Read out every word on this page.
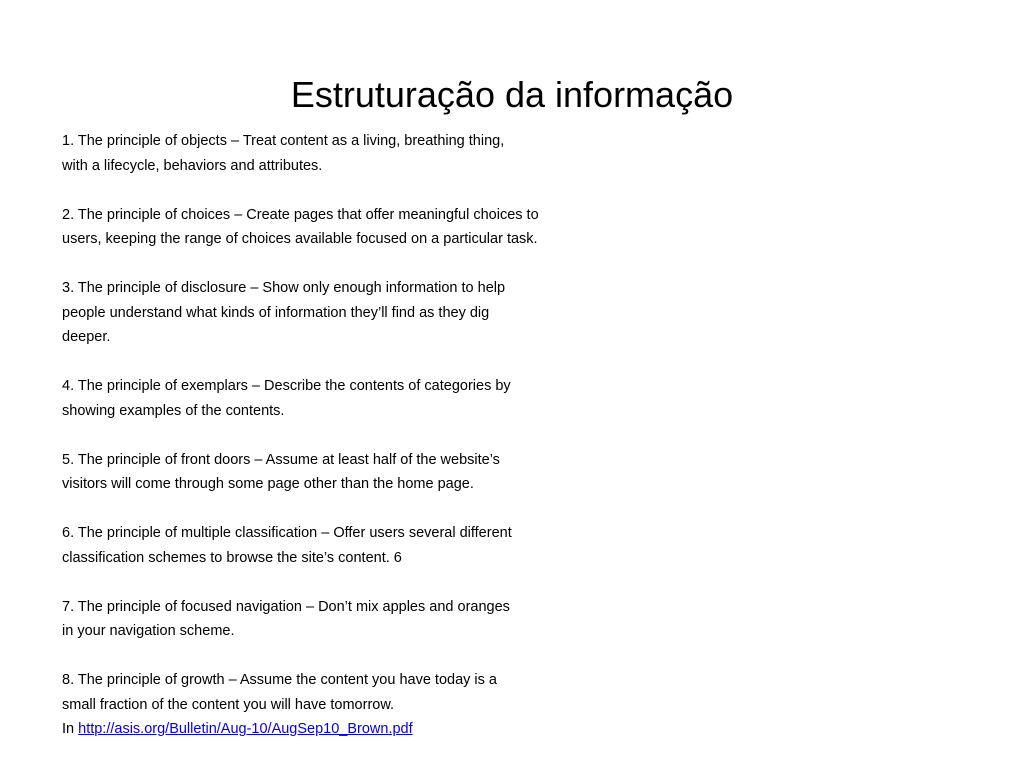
Estruturação da informação

1. The principle of objects – Treat content as a living, breathing thing,
with a lifecycle, behaviors and attributes.

2. The principle of choices – Create pages that offer meaningful choices to
users, keeping the range of choices available focused on a particular task.

3. The principle of disclosure – Show only enough information to help
people understand what kinds of information they’ll find as they dig
deeper.

4. The principle of exemplars – Describe the contents of categories by
showing examples of the contents.

5. The principle of front doors – Assume at least half of the website’s
visitors will come through some page other than the home page.

6. The principle of multiple classification – Offer users several different
classification schemes to browse the site’s content. 6

7. The principle of focused navigation – Don’t mix apples and oranges
in your navigation scheme.

8. The principle of growth – Assume the content you have today is a
small fraction of the content you will have tomorrow.
In http://asis.org/Bulletin/Aug-10/AugSep10_Brown.pdf
